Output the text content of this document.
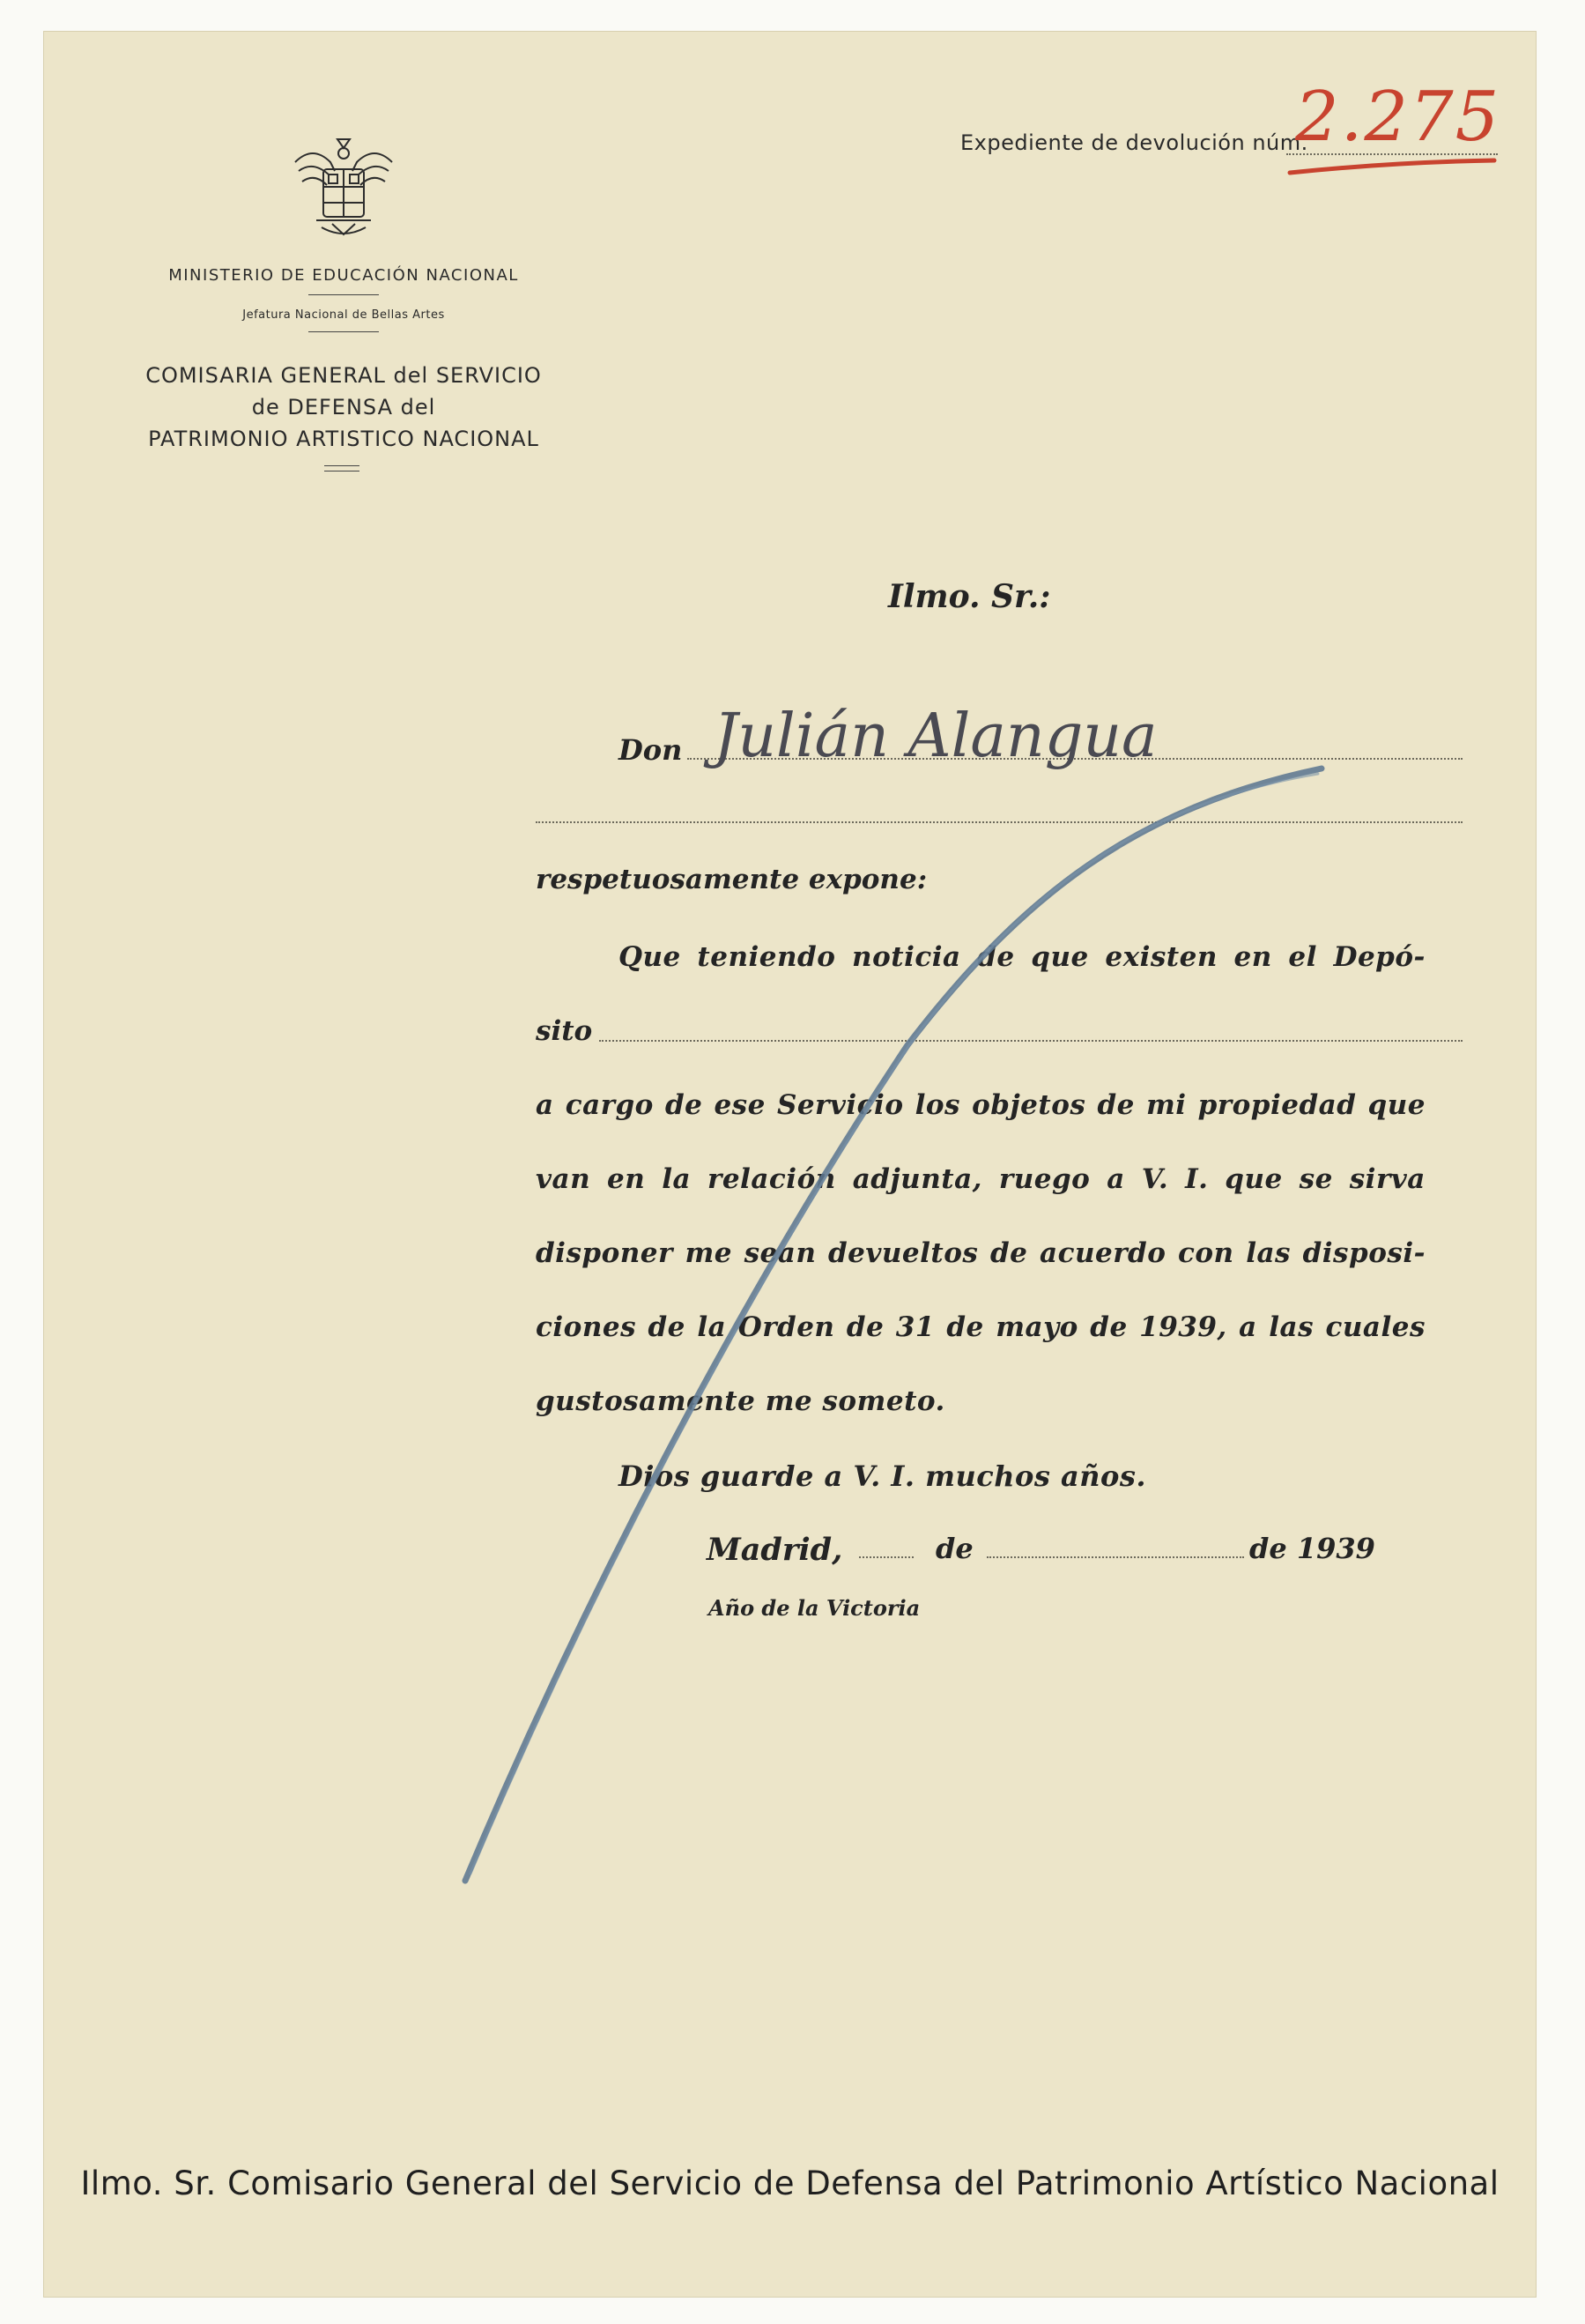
Expediente de devolución núm.
2.275
MINISTERIO DE EDUCACIÓN NACIONAL
Jefatura Nacional de Bellas Artes
COMISARIA GENERAL del SERVICIO
de DEFENSA del
PATRIMONIO ARTISTICO NACIONAL
Ilmo. Sr.:
Don Julián Alangua
respetuosamente expone:
Que teniendo noticia de que existen en el Depó-
sito
a cargo de ese Servicio los objetos de mi propiedad que
van en la relación adjunta, ruego a V. I. que se sirva
disponer me sean devueltos de acuerdo con las disposi-
ciones de la Orden de 31 de mayo de 1939, a las cuales
gustosamente me someto.
Dios guarde a V. I. muchos años.
Madrid,	de	de 1939
Año de la Victoria
Ilmo. Sr. Comisario General del Servicio de Defensa del Patrimonio Artístico Nacional
